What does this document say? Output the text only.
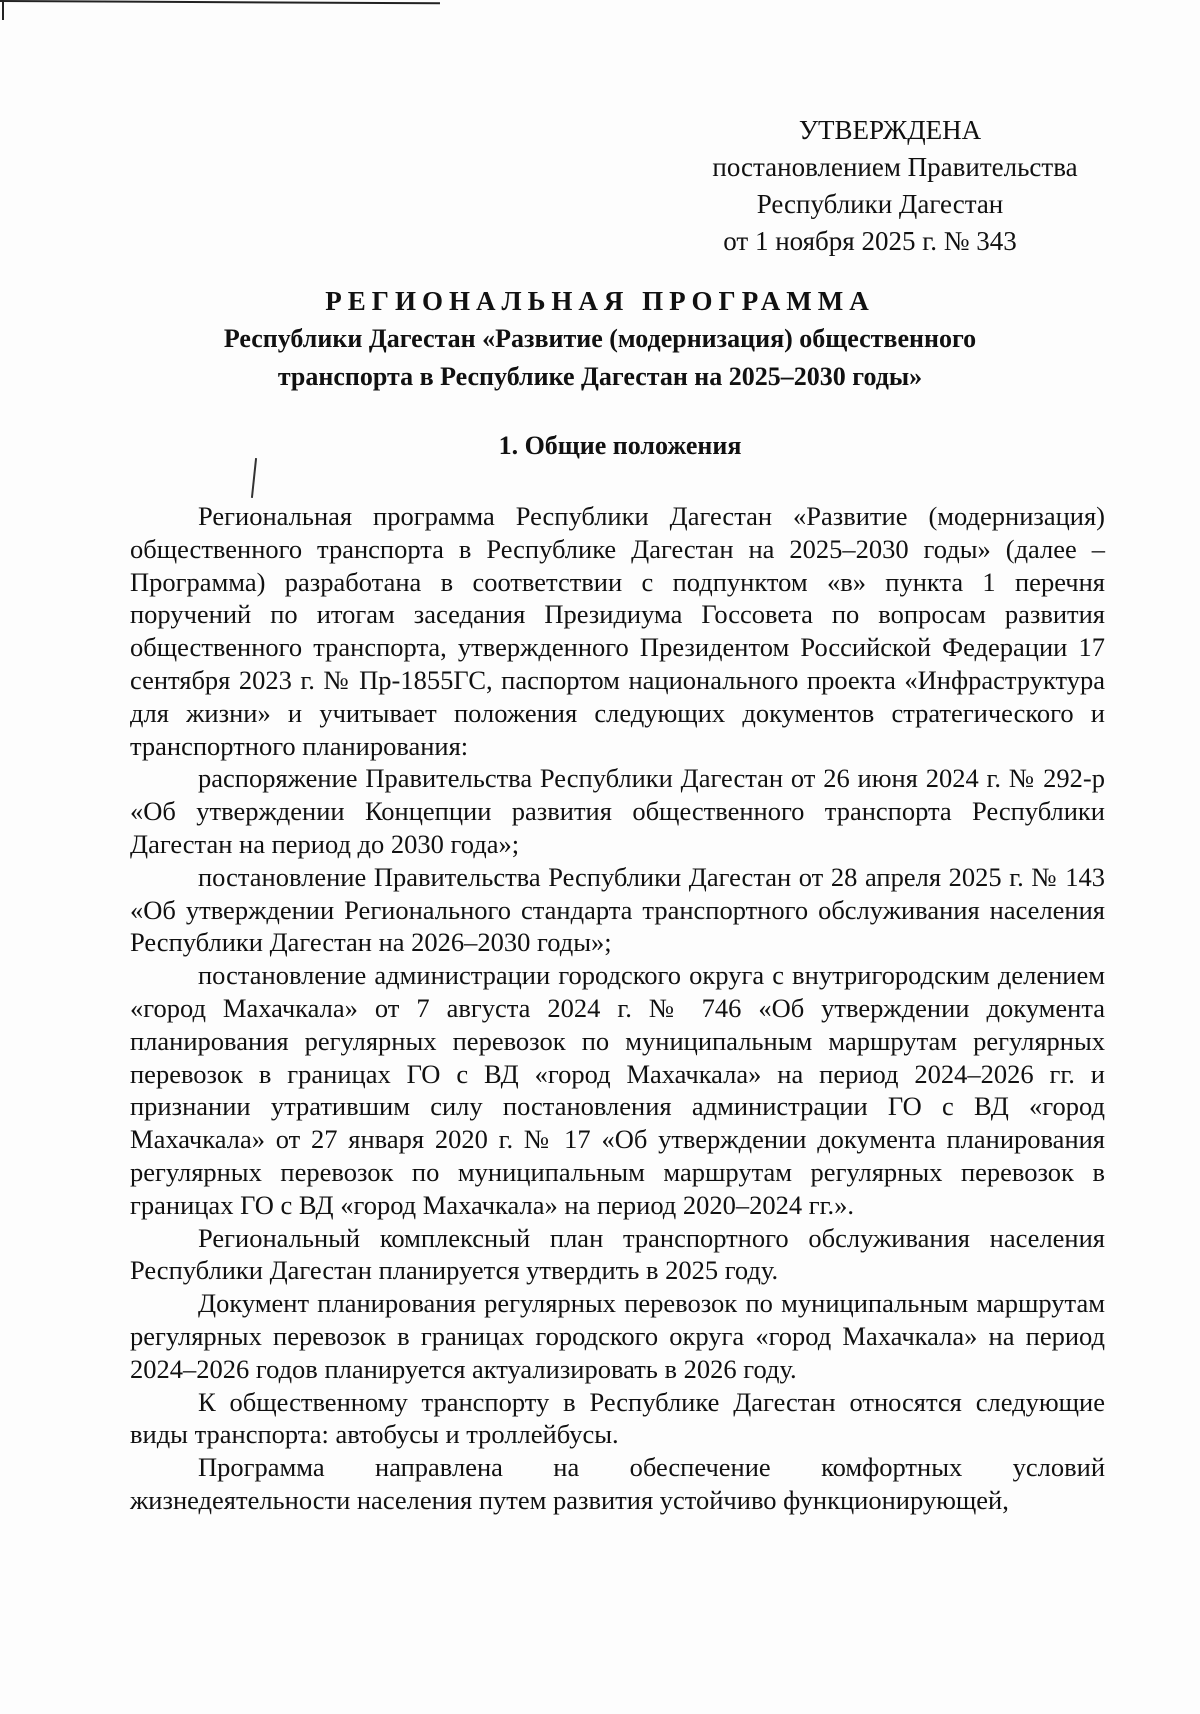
УТВЕРЖДЕНА
постановлением Правительства
Республики Дагестан
от 1 ноября 2025 г. № 343
РЕГИОНАЛЬНАЯ ПРОГРАММА
Республики Дагестан «Развитие (модернизация) общественного
транспорта в Республике Дагестан на 2025–2030 годы»
1. Общие положения

Региональная программа Республики Дагестан «Развитие (модернизация) общественного транспорта в Республике Дагестан на 2025–2030 годы» (далее – Программа) разработана в соответствии с подпунктом «в» пункта 1 перечня поручений по итогам заседания Президиума Госсовета по вопросам развития общественного транспорта, утвержденного Президентом Российской Федерации 17 сентября 2023 г. № Пр-1855ГС, паспортом национального проекта «Инфраструктура для жизни» и учитывает положения следующих документов стратегического и транспортного планирования:

распоряжение Правительства Республики Дагестан от 26 июня 2024 г. № 292-р «Об утверждении Концепции развития общественного транспорта Республики Дагестан на период до 2030 года»;

постановление Правительства Республики Дагестан от 28 апреля 2025 г. № 143 «Об утверждении Регионального стандарта транспортного обслуживания населения Республики Дагестан на 2026–2030 годы»;

постановление администрации городского округа с внутригородским делением «город Махачкала» от 7 августа 2024 г. № 746 «Об утверждении документа планирования регулярных перевозок по муниципальным маршрутам регулярных перевозок в границах ГО с ВД «город Махачкала» на период 2024–2026 гг. и признании утратившим силу постановления администрации ГО с ВД «город Махачкала» от 27 января 2020 г. № 17 «Об утверждении документа планирования регулярных перевозок по муниципальным маршрутам регулярных перевозок в границах ГО с ВД «город Махачкала» на период 2020–2024 гг.».

Региональный комплексный план транспортного обслуживания населения Республики Дагестан планируется утвердить в 2025 году.

Документ планирования регулярных перевозок по муниципальным маршрутам регулярных перевозок в границах городского округа «город Махачкала» на период 2024–2026 годов планируется актуализировать в 2026 году.

К общественному транспорту в Республике Дагестан относятся следующие виды транспорта: автобусы и троллейбусы.

Программа направлена на обеспечение комфортных условий жизнедеятельности населения путем развития устойчиво функционирующей,
